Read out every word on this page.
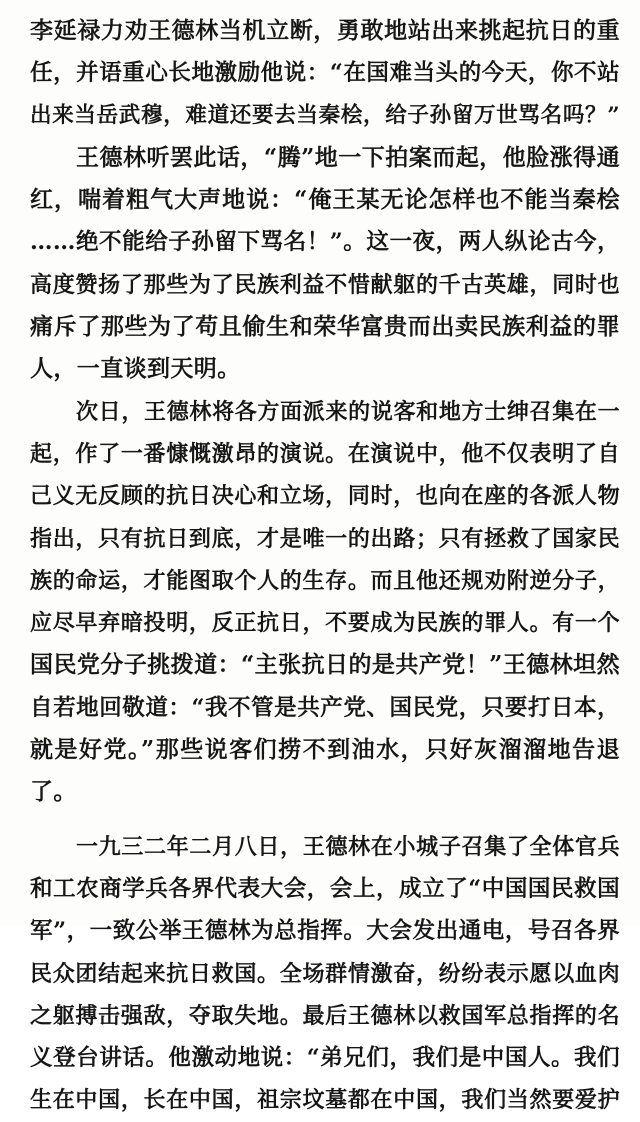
李延禄力劝王德林当机立断，勇敢地站出来挑起抗日的重
任，并语重心长地激励他说：“在国难当头的今天，你不站
出来当岳武穆，难道还要去当秦桧，给子孙留万世骂名吗？”
王德林听罢此话，“腾”地一下拍案而起，他脸涨得通
红，喘着粗气大声地说：“俺王某无论怎样也不能当秦桧
……绝不能给子孙留下骂名！”。这一夜，两人纵论古今，
高度赞扬了那些为了民族利益不惜献躯的千古英雄，同时也
痛斥了那些为了苟且偷生和荣华富贵而出卖民族利益的罪
人，一直谈到天明。
次日，王德林将各方面派来的说客和地方士绅召集在一
起，作了一番慷慨激昂的演说。在演说中，他不仅表明了自
己义无反顾的抗日决心和立场，同时，也向在座的各派人物
指出，只有抗日到底，才是唯一的出路；只有拯救了国家民
族的命运，才能图取个人的生存。而且他还规劝附逆分子，
应尽早弃暗投明，反正抗日，不要成为民族的罪人。有一个
国民党分子挑拨道：“主张抗日的是共产党！”王德林坦然
自若地回敬道：“我不管是共产党、国民党，只要打日本，
就是好党。”那些说客们捞不到油水，只好灰溜溜地告退
了。
一九三二年二月八日，王德林在小城子召集了全体官兵
和工农商学兵各界代表大会，会上，成立了“中国国民救国
军”，一致公举王德林为总指挥。大会发出通电，号召各界
民众团结起来抗日救国。全场群情激奋，纷纷表示愿以血肉
之躯搏击强敌，夺取失地。最后王德林以救国军总指挥的名
义登台讲话。他激动地说：“弟兄们，我们是中国人。我们
生在中国，长在中国，祖宗坟墓都在中国，我们当然要爱护
